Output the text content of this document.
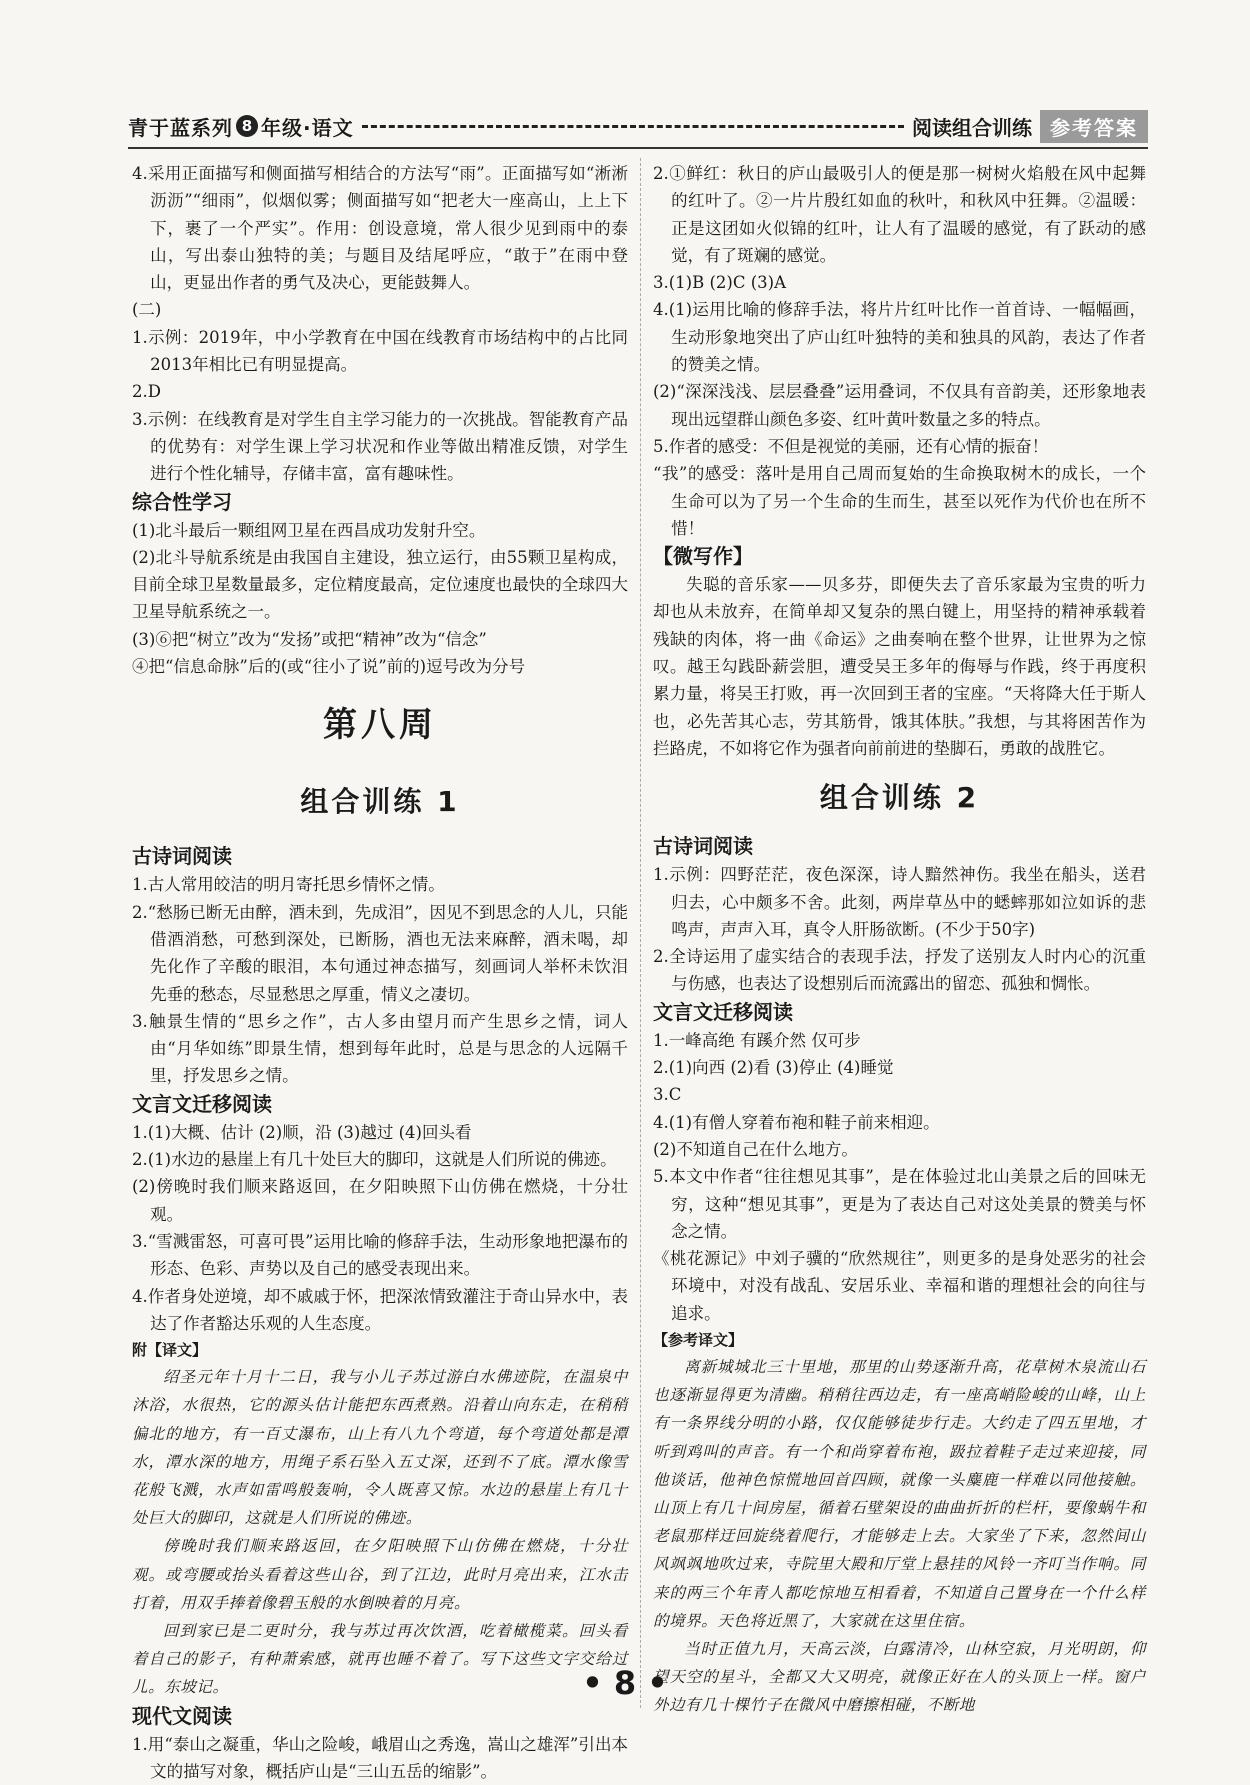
青于蓝系列 8 年级·语文	阅读组合训练 参考答案

4.采用正面描写和侧面描写相结合的方法写“雨”。正面描写如“淅淅沥沥”“细雨”，似烟似雾；侧面描写如“把老大一座高山，上上下下，裹了一个严实”。作用：创设意境，常人很少见到雨中的泰山，写出泰山独特的美；与题目及结尾呼应，“敢于”在雨中登山，更显出作者的勇气及决心，更能鼓舞人。

(二)

1.示例：2019年，中小学教育在中国在线教育市场结构中的占比同2013年相比已有明显提高。

2.D

3.示例：在线教育是对学生自主学习能力的一次挑战。智能教育产品的优势有：对学生课上学习状况和作业等做出精准反馈，对学生进行个性化辅导，存储丰富，富有趣味性。

综合性学习

(1)北斗最后一颗组网卫星在西昌成功发射升空。

(2)北斗导航系统是由我国自主建设，独立运行，由55颗卫星构成，目前全球卫星数量最多，定位精度最高，定位速度也最快的全球四大卫星导航系统之一。

(3)⑥把“树立”改为“发扬”或把“精神”改为“信念”

④把“信息命脉”后的(或“往小了说”前的)逗号改为分号

第八周
组合训练 1

古诗词阅读

1.古人常用皎洁的明月寄托思乡情怀之情。

2.“愁肠已断无由醉，酒未到，先成泪”，因见不到思念的人儿，只能借酒消愁，可愁到深处，已断肠，酒也无法来麻醉，酒未喝，却先化作了辛酸的眼泪，本句通过神态描写，刻画词人举杯未饮泪先垂的愁态，尽显愁思之厚重，情义之凄切。

3.触景生情的“思乡之作”，古人多由望月而产生思乡之情，词人由“月华如练”即景生情，想到每年此时，总是与思念的人远隔千里，抒发思乡之情。

文言文迁移阅读

1.(1)大概、估计 (2)顺，沿 (3)越过 (4)回头看

2.(1)水边的悬崖上有几十处巨大的脚印，这就是人们所说的佛迹。

(2)傍晚时我们顺来路返回，在夕阳映照下山仿佛在燃烧，十分壮观。

3.“雪溅雷怒，可喜可畏”运用比喻的修辞手法，生动形象地把瀑布的形态、色彩、声势以及自己的感受表现出来。

4.作者身处逆境，却不戚戚于怀，把深浓情致灌注于奇山异水中，表达了作者豁达乐观的人生态度。

附【译文】

绍圣元年十月十二日，我与小儿子苏过游白水佛迹院，在温泉中沐浴，水很热，它的源头估计能把东西煮熟。沿着山向东走，在稍稍偏北的地方，有一百丈瀑布，山上有八九个弯道，每个弯道处都是潭水，潭水深的地方，用绳子系石坠入五丈深，还到不了底。潭水像雪花般飞溅，水声如雷鸣般轰响，令人既喜又惊。水边的悬崖上有几十处巨大的脚印，这就是人们所说的佛迹。

傍晚时我们顺来路返回，在夕阳映照下山仿佛在燃烧，十分壮观。或弯腰或抬头看着这些山谷，到了江边，此时月亮出来，江水击打着，用双手捧着像碧玉般的水倒映着的月亮。

回到家已是二更时分，我与苏过再次饮酒，吃着橄榄菜。回头看着自己的影子，有种萧索感，就再也睡不着了。写下这些文字交给过儿。东坡记。

现代文阅读

1.用“泰山之凝重，华山之险峻，峨眉山之秀逸，嵩山之雄浑”引出本文的描写对象，概括庐山是“三山五岳的缩影”。

2.①鲜红：秋日的庐山最吸引人的便是那一树树火焰般在风中起舞的红叶了。②一片片殷红如血的秋叶，和秋风中狂舞。②温暖：正是这团如火似锦的红叶，让人有了温暖的感觉，有了跃动的感觉，有了斑斓的感觉。

3.(1)B (2)C (3)A

4.(1)运用比喻的修辞手法，将片片红叶比作一首首诗、一幅幅画，生动形象地突出了庐山红叶独特的美和独具的风韵，表达了作者的赞美之情。

(2)“深深浅浅、层层叠叠”运用叠词，不仅具有音韵美，还形象地表现出远望群山颜色多姿、红叶黄叶数量之多的特点。

5.作者的感受：不但是视觉的美丽，还有心情的振奋！

“我”的感受：落叶是用自己周而复始的生命换取树木的成长，一个生命可以为了另一个生命的生而生，甚至以死作为代价也在所不惜！

【微写作】

失聪的音乐家——贝多芬，即便失去了音乐家最为宝贵的听力却也从未放弃，在简单却又复杂的黑白键上，用坚持的精神承载着残缺的肉体，将一曲《命运》之曲奏响在整个世界，让世界为之惊叹。越王勾践卧薪尝胆，遭受吴王多年的侮辱与作践，终于再度积累力量，将吴王打败，再一次回到王者的宝座。“天将降大任于斯人也，必先苦其心志，劳其筋骨，饿其体肤。”我想，与其将困苦作为拦路虎，不如将它作为强者向前前进的垫脚石，勇敢的战胜它。

组合训练 2

古诗词阅读

1.示例：四野茫茫，夜色深深，诗人黯然神伤。我坐在船头，送君归去，心中颇多不舍。此刻，两岸草丛中的蟋蟀那如泣如诉的悲鸣声，声声入耳，真令人肝肠欲断。(不少于50字)

2.全诗运用了虚实结合的表现手法，抒发了送别友人时内心的沉重与伤感，也表达了设想别后而流露出的留恋、孤独和惆怅。

文言文迁移阅读

1.一峰高绝 有蹊介然 仅可步

2.(1)向西 (2)看 (3)停止 (4)睡觉

3.C

4.(1)有僧人穿着布袍和鞋子前来相迎。

(2)不知道自己在什么地方。

5.本文中作者“往往想见其事”，是在体验过北山美景之后的回味无穷，这种“想见其事”，更是为了表达自己对这处美景的赞美与怀念之情。

《桃花源记》中刘子骥的“欣然规往”，则更多的是身处恶劣的社会环境中，对没有战乱、安居乐业、幸福和谐的理想社会的向往与追求。

【参考译文】

离新城城北三十里地，那里的山势逐渐升高，花草树木泉流山石也逐渐显得更为清幽。稍稍往西边走，有一座高峭险峻的山峰，山上有一条界线分明的小路，仅仅能够徒步行走。大约走了四五里地，才听到鸡叫的声音。有一个和尚穿着布袍，趿拉着鞋子走过来迎接，同他谈话，他神色惊慌地回首四顾，就像一头麋鹿一样难以同他接触。山顶上有几十间房屋，循着石壁架设的曲曲折折的栏杆，要像蜗牛和老鼠那样迂回旋绕着爬行，才能够走上去。大家坐了下来，忽然间山风飒飒地吹过来，寺院里大殿和厅堂上悬挂的风铃一齐叮当作响。同来的两三个年青人都吃惊地互相看着，不知道自己置身在一个什么样的境界。天色将近黑了，大家就在这里住宿。

当时正值九月，天高云淡，白露清冷，山林空寂，月光明朗，仰望天空的星斗，全都又大又明亮，就像正好在人的头顶上一样。窗户外边有几十棵竹子在微风中磨擦相碰，不断地

• 8 •
